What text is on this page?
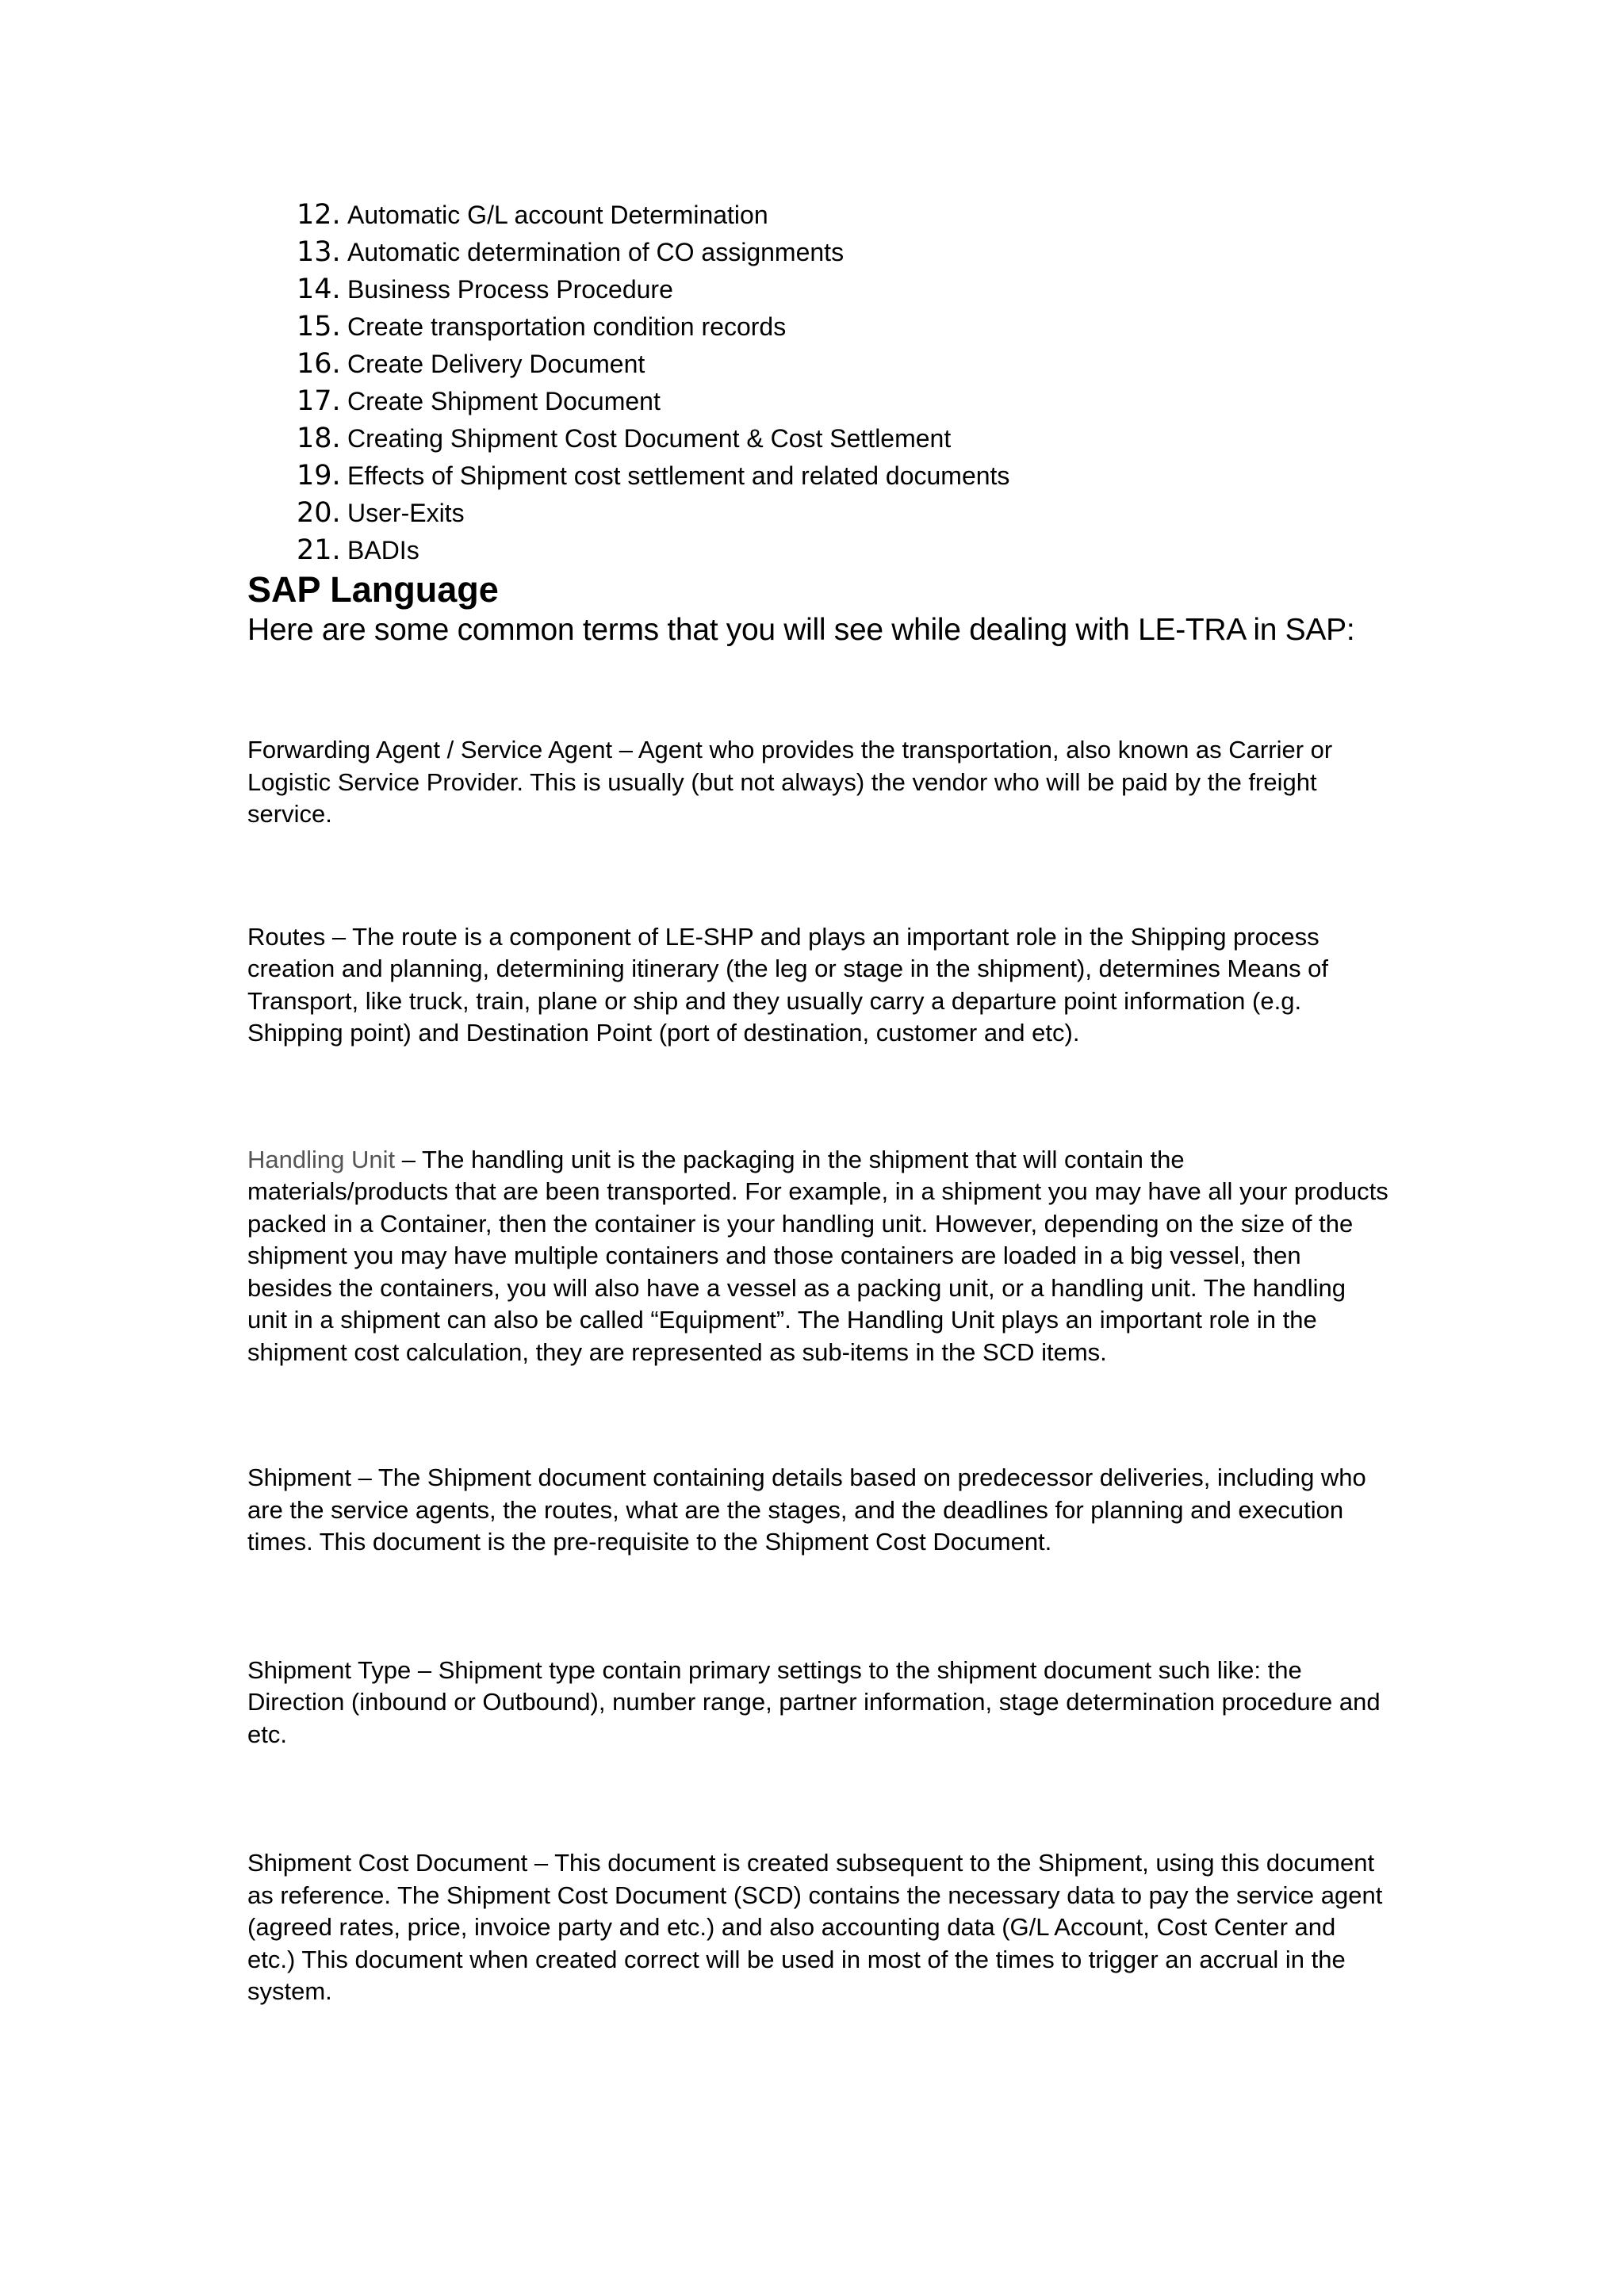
12. Automatic G/L account Determination
13. Automatic determination of CO assignments
14. Business Process Procedure
15. Create transportation condition records
16. Create Delivery Document
17. Create Shipment Document
18. Creating Shipment Cost Document & Cost Settlement
19. Effects of Shipment cost settlement and related documents
20. User-Exits
21. BADIs
SAP Language

Here are some common terms that you will see while dealing with LE-TRA in SAP:

Forwarding Agent / Service Agent – Agent who provides the transportation, also known as Carrier or Logistic Service Provider. This is usually (but not always) the vendor who will be paid by the freight service.

Routes – The route is a component of LE-SHP and plays an important role in the Shipping process creation and planning, determining itinerary (the leg or stage in the shipment), determines Means of Transport, like truck, train, plane or ship and they usually carry a departure point information (e.g. Shipping point) and Destination Point (port of destination, customer and etc).

Handling Unit – The handling unit is the packaging in the shipment that will contain the materials/products that are been transported. For example, in a shipment you may have all your products packed in a Container, then the container is your handling unit. However, depending on the size of the shipment you may have multiple containers and those containers are loaded in a big vessel, then besides the containers, you will also have a vessel as a packing unit, or a handling unit. The handling unit in a shipment can also be called “Equipment”. The Handling Unit plays an important role in the shipment cost calculation, they are represented as sub-items in the SCD items.

Shipment – The Shipment document containing details based on predecessor deliveries, including who are the service agents, the routes, what are the stages, and the deadlines for planning and execution times. This document is the pre-requisite to the Shipment Cost Document.

Shipment Type – Shipment type contain primary settings to the shipment document such like: the Direction (inbound or Outbound), number range, partner information, stage determination procedure and etc.

Shipment Cost Document – This document is created subsequent to the Shipment, using this document as reference. The Shipment Cost Document (SCD) contains the necessary data to pay the service agent (agreed rates, price, invoice party and etc.) and also accounting data (G/L Account, Cost Center and etc.) This document when created correct will be used in most of the times to trigger an accrual in the system.
